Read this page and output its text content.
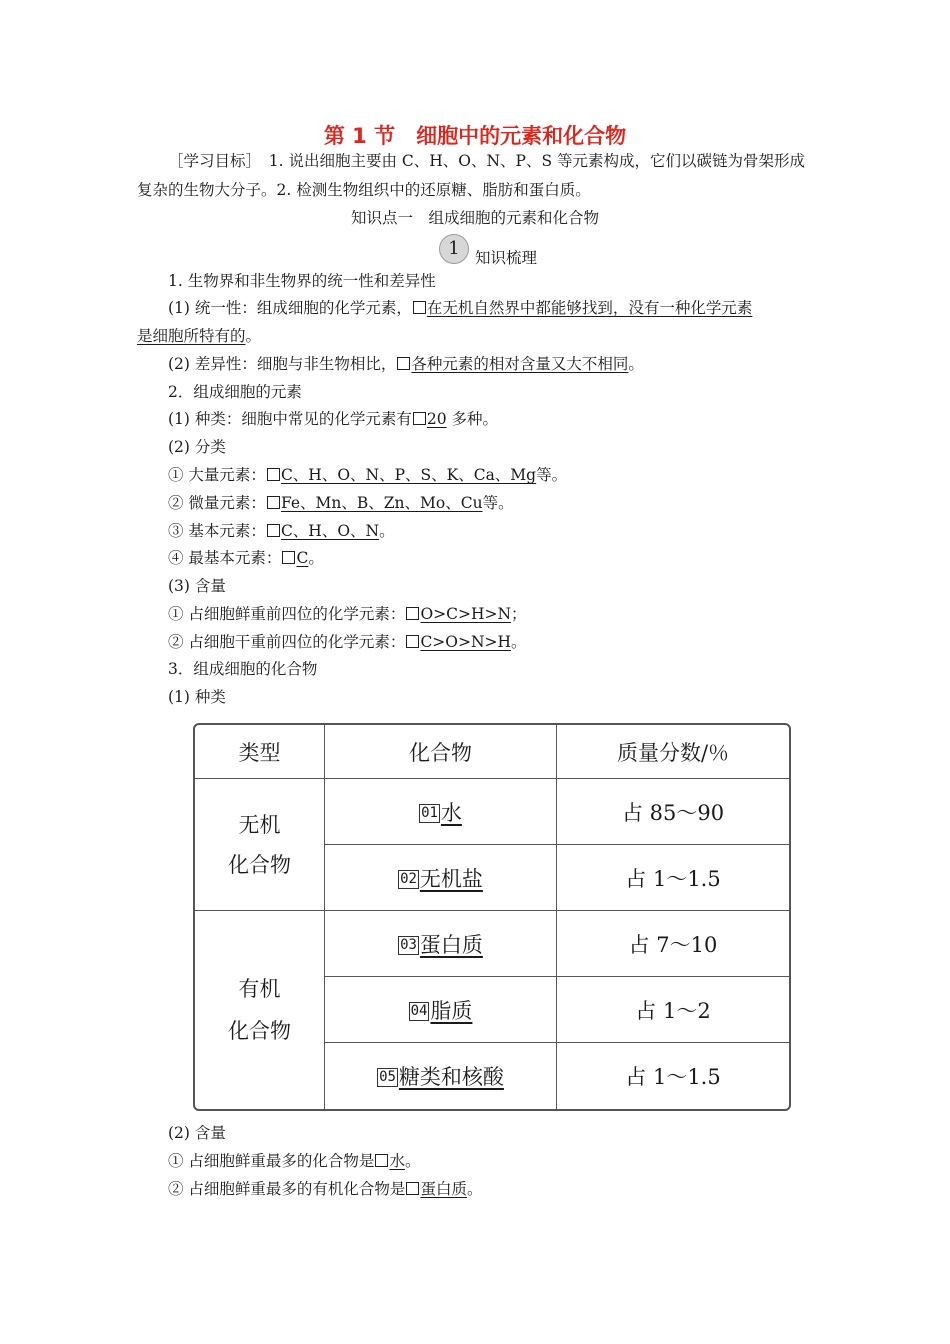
第 1 节　细胞中的元素和化合物
［学习目标］　1. 说出细胞主要由 C、H、O、N、P、S 等元素构成，它们以碳链为骨架形成
复杂的生物大分子。2. 检测生物组织中的还原糖、脂肪和蛋白质。
知识点一　组成细胞的元素和化合物
1 知识梳理
1. 生物界和非生物界的统一性和差异性
(1) 统一性：组成细胞的化学元素， 在无机自然界中都能够找到，没有一种化学元素
是细胞所特有的。
(2) 差异性：细胞与非生物相比， 各种元素的相对含量又大不相同。
2．组成细胞的元素
(1) 种类：细胞中常见的化学元素有 20 多种。
(2) 分类
① 大量元素： C、H、O、N、P、S、K、Ca、Mg等。
② 微量元素： Fe、Mn、B、Zn、Mo、Cu等。
③ 基本元素： C、H、O、N。
④ 最基本元素： C。
(3) 含量
① 占细胞鲜重前四位的化学元素： O>C>H>N；
② 占细胞干重前四位的化学元素： C>O>N>H。
3．组成细胞的化合物
(1) 种类
类型	化合物	质量分数/％

无机
化合物	01 水	占 85～90
	02 无机盐	占 1～1.5

有机
化合物	03 蛋白质	占 7～10
	04 脂质	占 1～2
	05 糖类和核酸	占 1～1.5
(2) 含量
① 占细胞鲜重最多的化合物是 水。
② 占细胞鲜重最多的有机化合物是 蛋白质。
